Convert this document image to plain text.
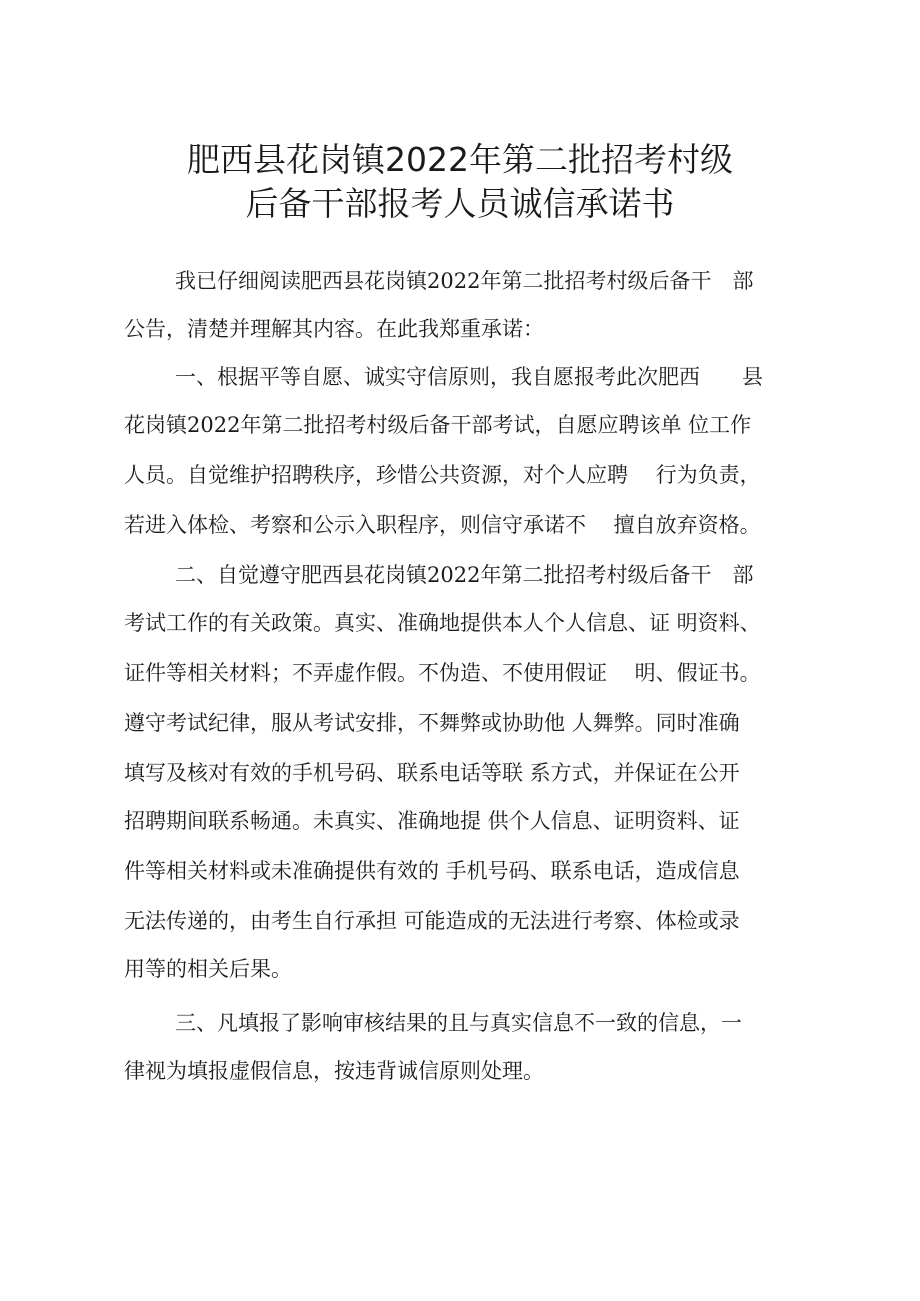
肥西县花岗镇2022年第二批招考村级
后备干部报考人员诚信承诺书

我已仔细阅读肥西县花岗镇2022年第二批招考村级后备干　部

公告，清楚并理解其内容。在此我郑重承诺：

一、根据平等自愿、诚实守信原则，我自愿报考此次肥西　　县

花岗镇2022年第二批招考村级后备干部考试，自愿应聘该单 位工作

人员。自觉维护招聘秩序，珍惜公共资源，对个人应聘　 行为负责，

若进入体检、考察和公示入职程序，则信守承诺不　 擅自放弃资格。

二、自觉遵守肥西县花岗镇2022年第二批招考村级后备干　部

考试工作的有关政策。真实、准确地提供本人个人信息、证 明资料、

证件等相关材料；不弄虚作假。不伪造、不使用假证　 明、假证书。

遵守考试纪律，服从考试安排，不舞弊或协助他 人舞弊。同时准确

填写及核对有效的手机号码、联系电话等联 系方式，并保证在公开

招聘期间联系畅通。未真实、准确地提 供个人信息、证明资料、证

件等相关材料或未准确提供有效的 手机号码、联系电话，造成信息

无法传递的，由考生自行承担 可能造成的无法进行考察、体检或录

用等的相关后果。

三、凡填报了影响审核结果的且与真实信息不一致的信息，一

律视为填报虚假信息，按违背诚信原则处理。
